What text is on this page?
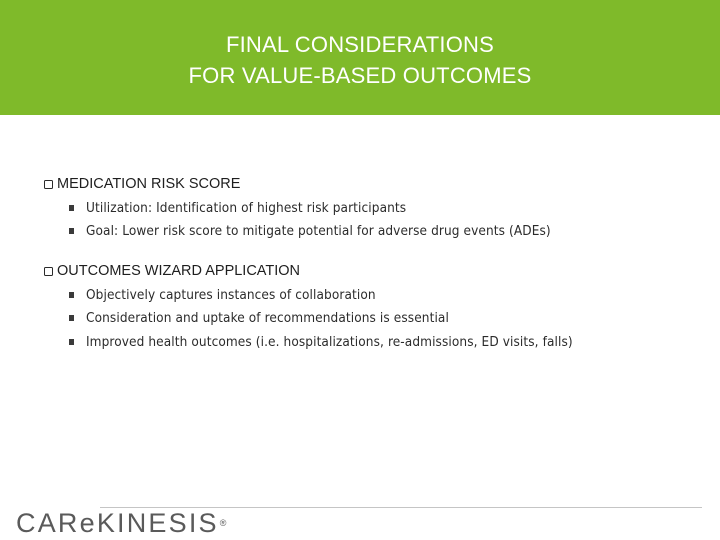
FINAL CONSIDERATIONS
FOR VALUE-BASED OUTCOMES
MEDICATION RISK SCORE
Utilization: Identification of highest risk participants
Goal: Lower risk score to mitigate potential for adverse drug events (ADEs)
OUTCOMES WIZARD APPLICATION
Objectively captures instances of collaboration
Consideration and uptake of recommendations is essential
Improved health outcomes (i.e. hospitalizations, re-admissions, ED visits, falls)
CAReK INESIS ®
